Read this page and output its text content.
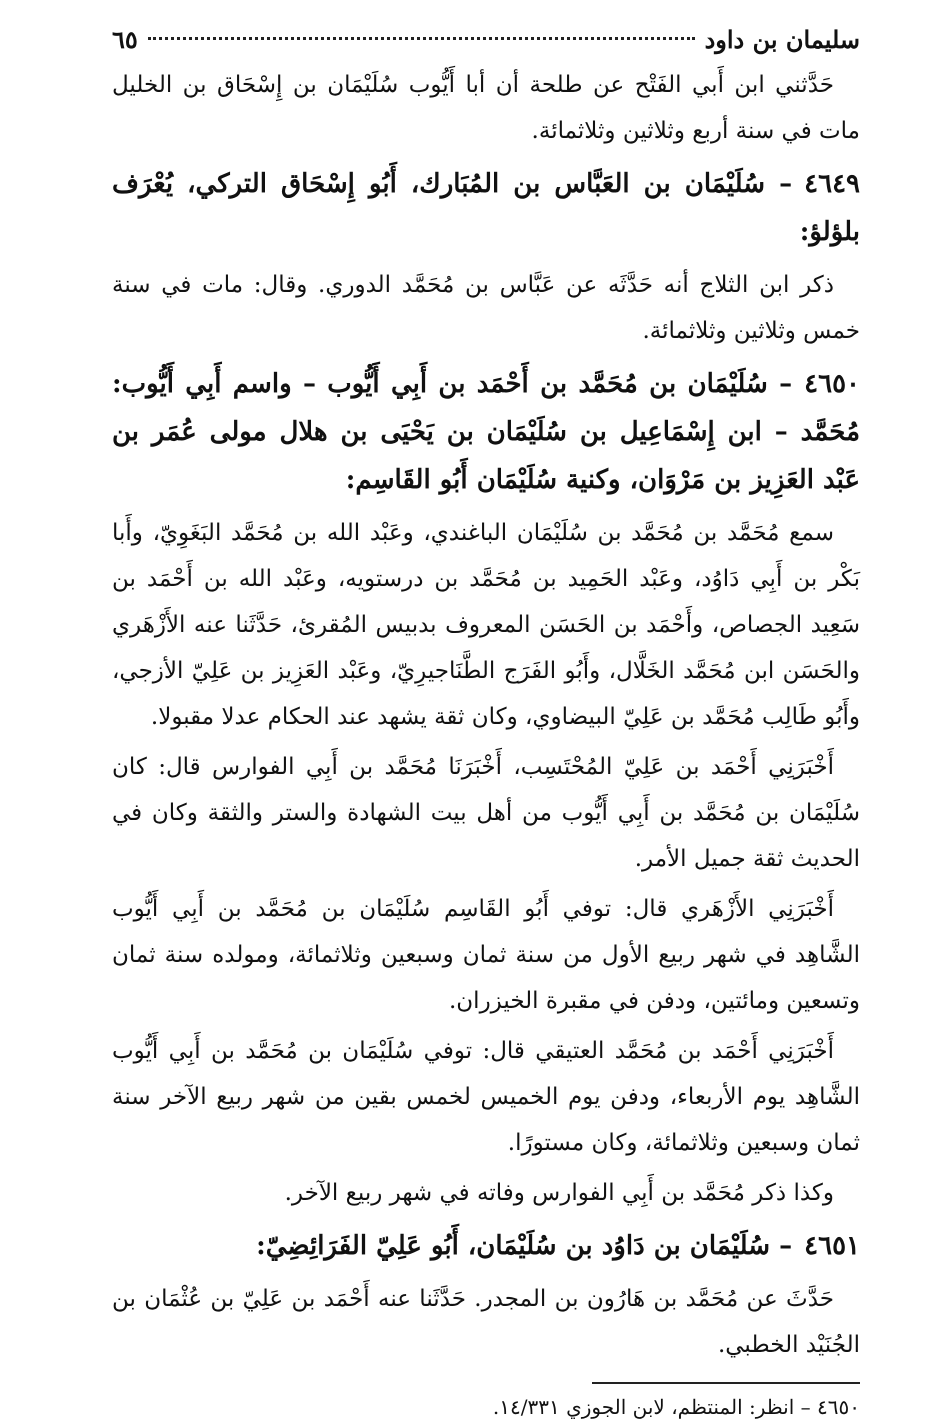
سليمان بن داود
٦٥

حَدَّثني ابن أَبي الفَتْح عن طلحة أن أبا أَيُّوب سُلَيْمَان بن إِسْحَاق بن الخليل مات في سنة أربع وثلاثين وثلاثمائة.

٤٦٤٩– سُلَيْمَان بن العَبَّاس بن المُبَارك، أَبُو إِسْحَاق التركي، يُعْرَف بلؤلؤ:

ذكر ابن الثلاج أنه حَدَّثَه عن عَبَّاس بن مُحَمَّد الدوري. وقال: مات في سنة خمس وثلاثين وثلاثمائة.

٤٦٥٠– سُلَيْمَان بن مُحَمَّد بن أَحْمَد بن أَبِي أَيُّوب – واسم أَبِي أَيُّوب: مُحَمَّد – ابن إِسْمَاعِيل بن سُلَيْمَان بن يَحْيَى بن هلال مولى عُمَر بن عَبْد العَزِيز بن مَرْوَان، وكنية سُلَيْمَان أَبُو القَاسِم:

سمع مُحَمَّد بن مُحَمَّد بن سُلَيْمَان الباغندي، وعَبْد الله بن مُحَمَّد البَغَوِيّ، وأَبا بَكْر بن أَبِي دَاوُد، وعَبْد الحَمِيد بن مُحَمَّد بن درستويه، وعَبْد الله بن أَحْمَد بن سَعِيد الجصاص، وأَحْمَد بن الحَسَن المعروف بدبيس المُقرئ، حَدَّثَنا عنه الأَزْهَري والحَسَن ابن مُحَمَّد الخَلَّال، وأَبُو الفَرَج الطَّنَاجيرِيّ، وعَبْد العَزِيز بن عَلِيّ الأزجي، وأَبُو طَالِب مُحَمَّد بن عَلِيّ البيضاوي، وكان ثقة يشهد عند الحكام عدلا مقبولا.

أَخْبَرَنِي أَحْمَد بن عَلِيّ المُحْتَسِب، أَخْبَرَنَا مُحَمَّد بن أَبِي الفوارس قال: كان سُلَيْمَان بن مُحَمَّد بن أَبِي أَيُّوب من أهل بيت الشهادة والستر والثقة وكان في الحديث ثقة جميل الأمر.

أَخْبَرَنِي الأَزْهَري قال: توفي أَبُو القَاسِم سُلَيْمَان بن مُحَمَّد بن أَبِي أَيُّوب الشَّاهِد في شهر ربيع الأول من سنة ثمان وسبعين وثلاثمائة، ومولده سنة ثمان وتسعين ومائتين، ودفن في مقبرة الخيزران.

أَخْبَرَنِي أَحْمَد بن مُحَمَّد العتيقي قال: توفي سُلَيْمَان بن مُحَمَّد بن أَبِي أَيُّوب الشَّاهِد يوم الأربعاء، ودفن يوم الخميس لخمس بقين من شهر ربيع الآخر سنة ثمان وسبعين وثلاثمائة، وكان مستورًا.

وكذا ذكر مُحَمَّد بن أَبِي الفوارس وفاته في شهر ربيع الآخر.

٤٦٥١– سُلَيْمَان بن دَاوُد بن سُلَيْمَان، أَبُو عَلِيّ الفَرَائِضِيّ:

حَدَّثَ عن مُحَمَّد بن هَارُون بن المجدر. حَدَّثَنا عنه أَحْمَد بن عَلِيّ بن عُثْمَان بن الجُنَيْد الخطبي.

٤٦٥٠ – انظر: المنتظم، لابن الجوزي ١٤/٣٣١.
